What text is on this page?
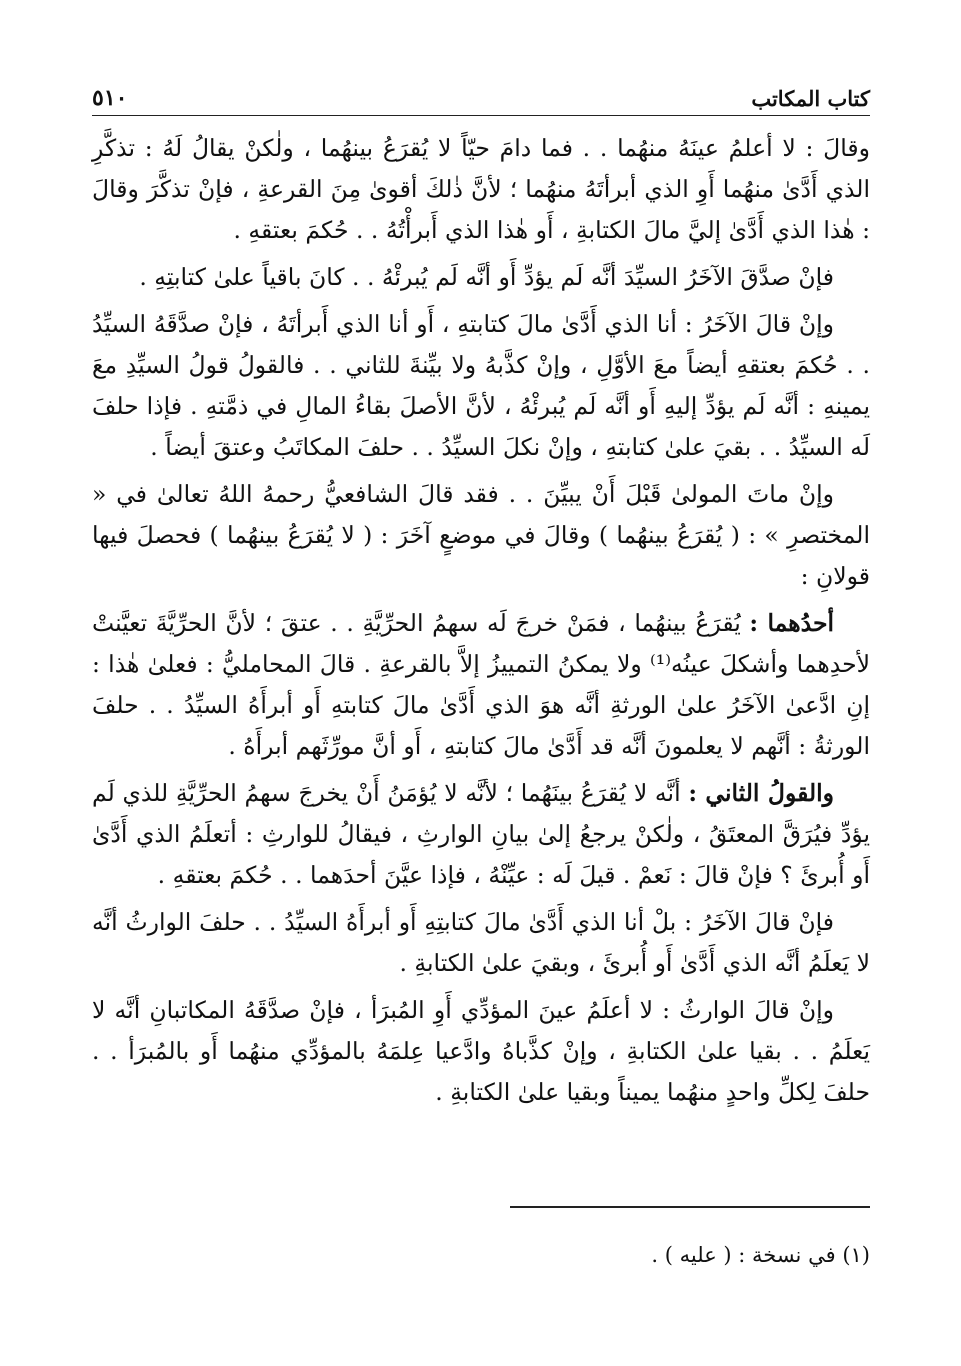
كتاب المكاتب
٥١٠

وقالَ : لا أعلمُ عينَهُ منهُما . . فما دامَ حيّاً لا يُقرَعُ بينهُما ، ولٰكنْ يقالُ لَهُ : تذكَّرِ الذي أَدَّىٰ منهُما أَوِ الذي أبرأتَهُ منهُما ؛ لأنَّ ذٰلكَ أقوىٰ مِنَ القرعةِ ، فإنْ تذكَّرَ وقالَ : هٰذا الذي أَدَّىٰ إليَّ مالَ الكتابةِ ، أَو هٰذا الذي أَبرأْتُهُ . . حُكمَ بعتقهِ .

فإنْ صدَّقَ الآخَرُ السيِّدَ أنَّه لَم يؤدِّ أَو أنَّه لَم يُبرئْهُ . . كانَ باقياً علىٰ كتابتِهِ .

وإنْ قالَ الآخَرُ : أنا الذي أَدَّىٰ مالَ كتابتهِ ، أَو أنا الذي أَبرأتَهُ ، فإنْ صدَّقَهُ السيِّدُ . . حُكمَ بعتقهِ أيضاً معَ الأوَّلِ ، وإنْ كذَّبهُ ولا بيِّنةَ للثاني . . فالقولُ قولُ السيِّدِ معَ يمينهِ : أنَّه لَم يؤدِّ إليهِ أَو أنَّه لَم يُبرئْهُ ، لأنَّ الأصلَ بقاءُ المالِ في ذمَّتهِ . فإذا حلفَ لَه السيِّدُ . . بقيَ علىٰ كتابتهِ ، وإنْ نكلَ السيِّدُ . . حلفَ المكاتَبُ وعتقَ أيضاً .

وإنْ ماتَ المولىٰ قَبْلَ أَنْ يبيِّنَ . . فقد قالَ الشافعيُّ رحمهُ اللهُ تعالىٰ في « المختصرِ » : ( يُقرَعُ بينهُما ) وقالَ في موضعٍ آخَرَ : ( لا يُقرَعُ بينهُما ) فحصلَ فيها قولانِ :

أحدُهما : يُقرَعُ بينهُما ، فمَنْ خرجَ لَه سهمُ الحرِّيَّةِ . . عتقَ ؛ لأنَّ الحرِّيَّةَ تعيَّنتْ لأحدِهما وأشكلَ عينُه⁽¹⁾ ولا يمكنُ التمييزُ إلاَّ بالقرعةِ . قالَ المحامليُّ : فعلىٰ هٰذا : إنِ ادَّعىٰ الآخَرُ علىٰ الورثةِ أنَّه هوَ الذي أَدَّىٰ مالَ كتابتهِ أَو أبرأَهُ السيِّدُ . . حلفَ الورثةُ : أنَّهم لا يعلمونَ أنَّه قد أَدَّىٰ مالَ كتابتهِ ، أَو أنَّ مورِّثَهم أبرأَهُ .

والقولُ الثاني : أنَّه لا يُقرَعُ بينَهُما ؛ لأنَّه لا يُؤمَنُ أَنْ يخرجَ سهمُ الحرِّيَّةِ للذي لَم يؤدِّ فيُرَقَّ المعتَقُ ، ولٰكنْ يرجعُ إلىٰ بيانِ الوارثِ ، فيقالُ للوارثِ : أتعلَمُ الذي أَدَّىٰ أَو أُبرئَ ؟ فإنْ قالَ : نَعمْ . قيلَ لَه : عيِّنْهُ ، فإذا عيَّنَ أحدَهما . . حُكمَ بعتقهِ .

فإنْ قالَ الآخَرُ : بلْ أنا الذي أَدَّىٰ مالَ كتابتِهِ أَو أبرأَهُ السيِّدُ . . حلفَ الوارثُ أنَّه لا يَعلَمُ أنَّه الذي أَدَّىٰ أَو أُبرئَ ، وبقيَ علىٰ الكتابةِ .

وإنْ قالَ الوارثُ : لا أعلَمُ عينَ المؤدِّي أَوِ المُبرَأ ، فإنْ صدَّقَهُ المكاتبانِ أنَّه لا يَعلَمُ . . بقيا علىٰ الكتابةِ ، وإنْ كذَّباهُ وادَّعيا عِلمَهُ بالمؤدِّي منهُما أَو بالمُبرَأ . . حلفَ لِكلِّ واحدٍ منهُما يميناً وبقيا علىٰ الكتابةِ .

(١) في نسخة : ( عليه ) .
